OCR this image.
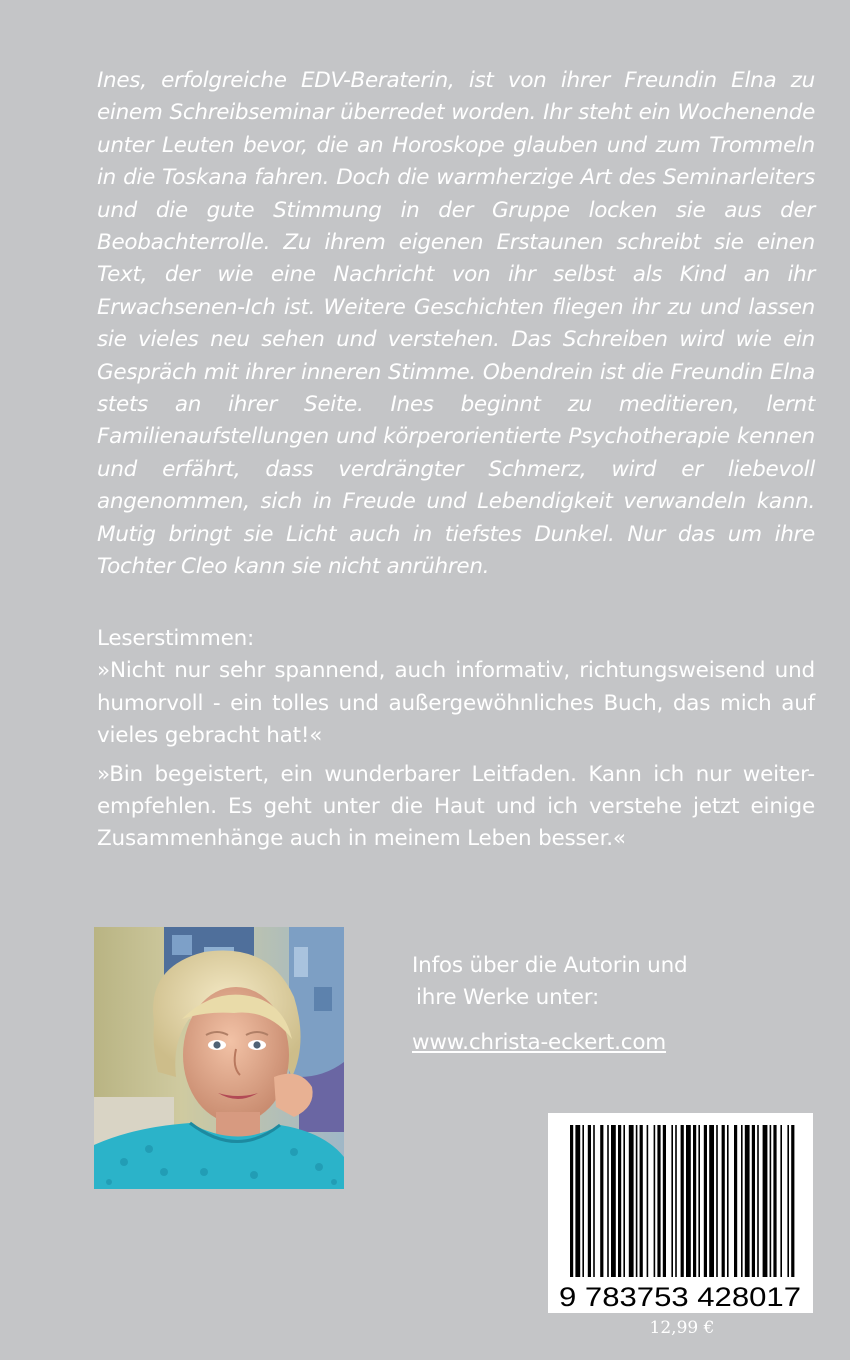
Ines, erfolgreiche EDV-Beraterin, ist von ihrer Freundin Elna zu einem Schreibseminar überredet worden. Ihr steht ein Wochenende unter Leuten bevor, die an Horoskope glauben und zum Trommeln in die Toskana fahren. Doch die warmherzige Art des Seminarleiters und die gute Stimmung in der Gruppe locken sie aus der Beobachterrolle. Zu ihrem eigenen Erstaunen schreibt sie einen Text, der wie eine Nachricht von ihr selbst als Kind an ihr Erwachsenen-Ich ist. Weitere Geschichten fliegen ihr zu und lassen sie vieles neu sehen und verstehen. Das Schreiben wird wie ein Gespräch mit ihrer inneren Stimme. Obendrein ist die Freundin Elna stets an ihrer Seite. Ines beginnt zu meditieren, lernt Familienaufstellungen und körperorientierte Psychotherapie kennen und erfährt, dass verdrängter Schmerz, wird er liebevoll angenommen, sich in Freude und Lebendigkeit verwandeln kann. Mutig bringt sie Licht auch in tiefstes Dunkel. Nur das um ihre Tochter Cleo kann sie nicht anrühren.
Leserstimmen:

»Nicht nur sehr spannend, auch informativ, richtungsweisend und humorvoll - ein tolles und außergewöhnliches Buch, das mich auf vieles gebracht hat!«

»Bin begeistert, ein wunderbarer Leitfaden. Kann ich nur weiter-empfehlen. Es geht unter die Haut und ich verstehe jetzt einige Zusammenhänge auch in meinem Leben besser.«

Infos über die Autorin und
ihre Werke unter:
www.christa-eckert.com
9 783753 428017
12,99 €
